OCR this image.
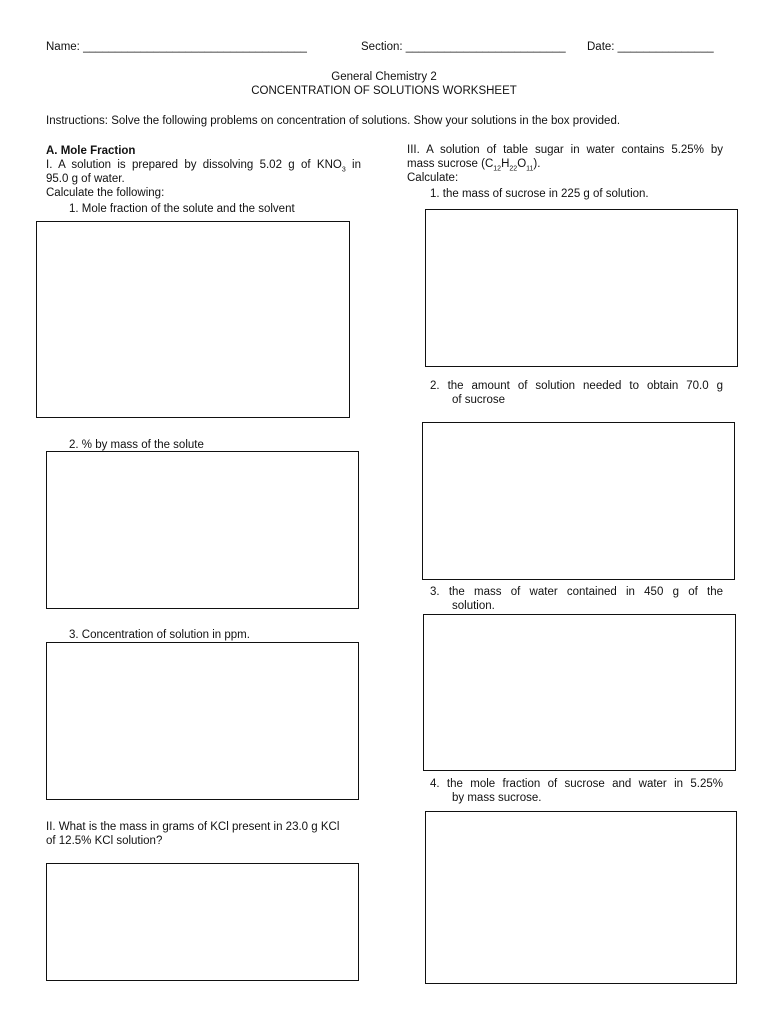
Name: ___________________________________	Section: _________________________ Date: _______________
General Chemistry 2
CONCENTRATION OF SOLUTIONS WORKSHEET
Instructions: Solve the following problems on concentration of solutions. Show your solutions in the box provided.
A. Mole Fraction
I. A solution is prepared by dissolving 5.02 g of $KNO_3$ in
95.0 g of water.
Calculate the following:
1. Mole fraction of the solute and the solvent
2. % by mass of the solute
3. Concentration of solution in ppm.
II. What is the mass in grams of KCl present in 23.0 g KCl
of 12.5% KCl solution?
III. A solution of table sugar in water contains 5.25% by
mass sucrose $(C_{12}H_{22}O_{11})$.
Calculate:
1. the mass of sucrose in 225 g of solution.
2. the amount of solution needed to obtain 70.0 g
of sucrose
3. the mass of water contained in 450 g of the
solution.
4. the mole fraction of sucrose and water in 5.25%
by mass sucrose.
